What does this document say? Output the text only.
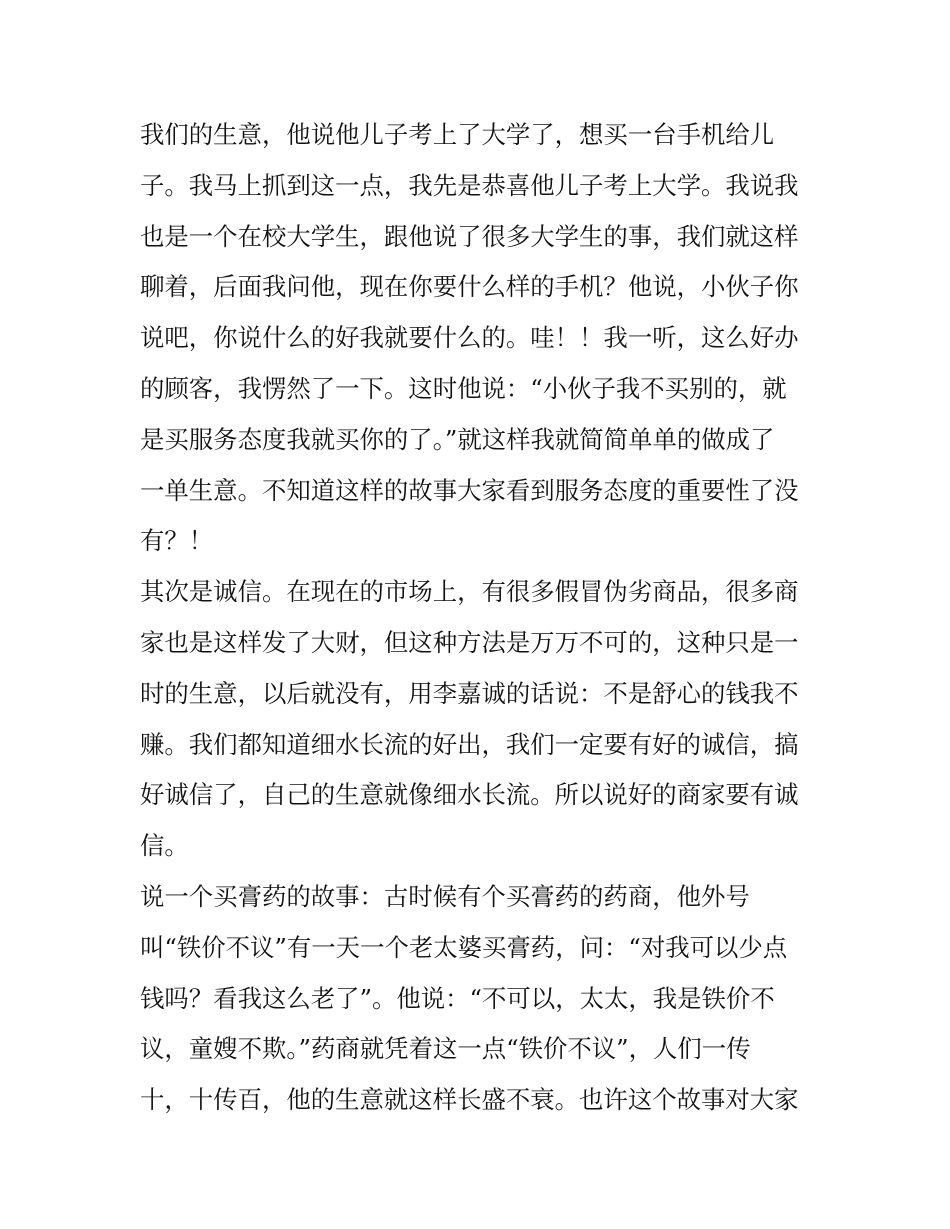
我们的生意，他说他儿子考上了大学了，想买一台手机给儿
子。我马上抓到这一点，我先是恭喜他儿子考上大学。我说我
也是一个在校大学生，跟他说了很多大学生的事，我们就这样
聊着，后面我问他，现在你要什么样的手机？他说，小伙子你
说吧，你说什么的好我就要什么的。哇！！我一听，这么好办
的顾客，我愣然了一下。这时他说：“小伙子我不买别的，就
是买服务态度我就买你的了。”就这样我就简简单单的做成了
一单生意。不知道这样的故事大家看到服务态度的重要性了没
有？！
其次是诚信。在现在的市场上，有很多假冒伪劣商品，很多商
家也是这样发了大财，但这种方法是万万不可的，这种只是一
时的生意，以后就没有，用李嘉诚的话说：不是舒心的钱我不
赚。我们都知道细水长流的好出，我们一定要有好的诚信，搞
好诚信了，自己的生意就像细水长流。所以说好的商家要有诚
信。
说一个买膏药的故事：古时候有个买膏药的药商，他外号
叫“铁价不议”有一天一个老太婆买膏药，问：“对我可以少点
钱吗？看我这么老了”。他说：“不可以，太太，我是铁价不
议，童嫂不欺。”药商就凭着这一点“铁价不议”，人们一传
十，十传百，他的生意就这样长盛不衰。也许这个故事对大家
